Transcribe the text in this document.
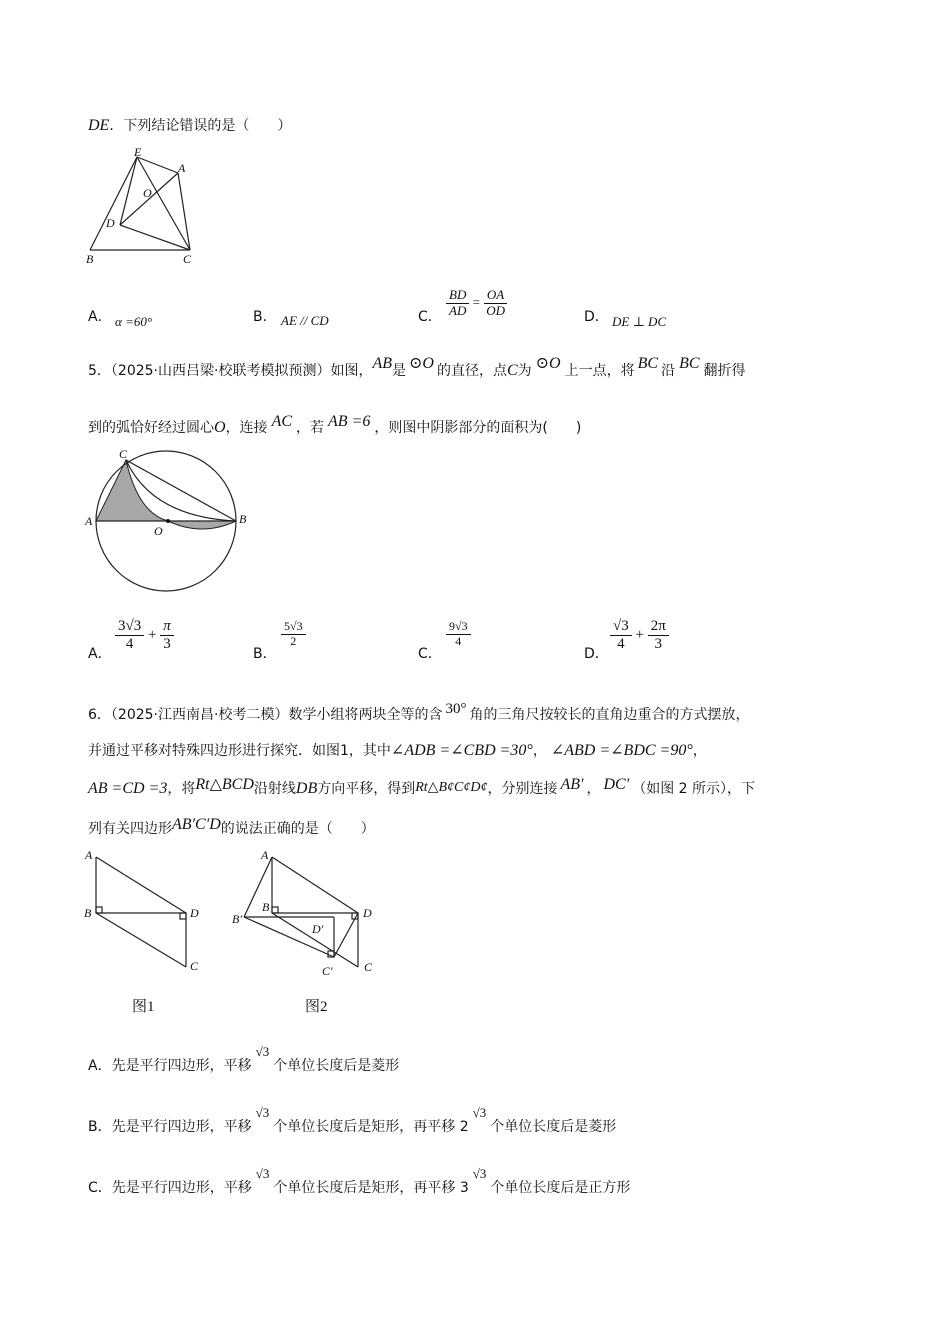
DE．下列结论错误的是（　　）
E
A
O
D
B	C
A． α =60°	B． AE // CD	C． $\frac{BD}{AD} = \frac{OA}{OD}$	D． DE ⊥ DC
5．（2025·山西吕梁·校联考模拟预测）如图，AB是 ⊙O 的直径，点C为 ⊙O 上一点，将 BC 沿 BC 翻折得
到的弧恰好经过圆心O，连接 AC ，若 AB =6 ，则图中阴影部分的面积为(　　)
C
A
O
B
A．
$\frac{3√3}{4} + \frac{\pi}{3}$
B．
$\frac{5√3}{2}$
C．
$\frac{9√3}{4}$
D．
$\frac{√3}{4} + \frac{2\pi}{3}$
6．（2025·江西南昌·校考二模）数学小组将两块全等的含 30° 角的三角尺按较长的直角边重合的方式摆放，
并通过平移对特殊四边形进行探究．如图1，其中∠ADB =∠CBD =30°， ∠ABD =∠BDC =90°，
AB =CD =3，将Rt△BCD沿射线DB方向平移，得到Rt△B¢C¢D¢，分别连接 AB′ ， DC′ （如图 2 所示），下
列有关四边形AB′C′D的说法正确的是（　　）
A
B	D
C
图1
A
B′
B
D′
D
C′	C
图2
A．先是平行四边形，平移√3个单位长度后是菱形
B．先是平行四边形，平移√3个单位长度后是矩形，再平移 2√3个单位长度后是菱形
C．先是平行四边形，平移√3个单位长度后是矩形，再平移 3√3个单位长度后是正方形
